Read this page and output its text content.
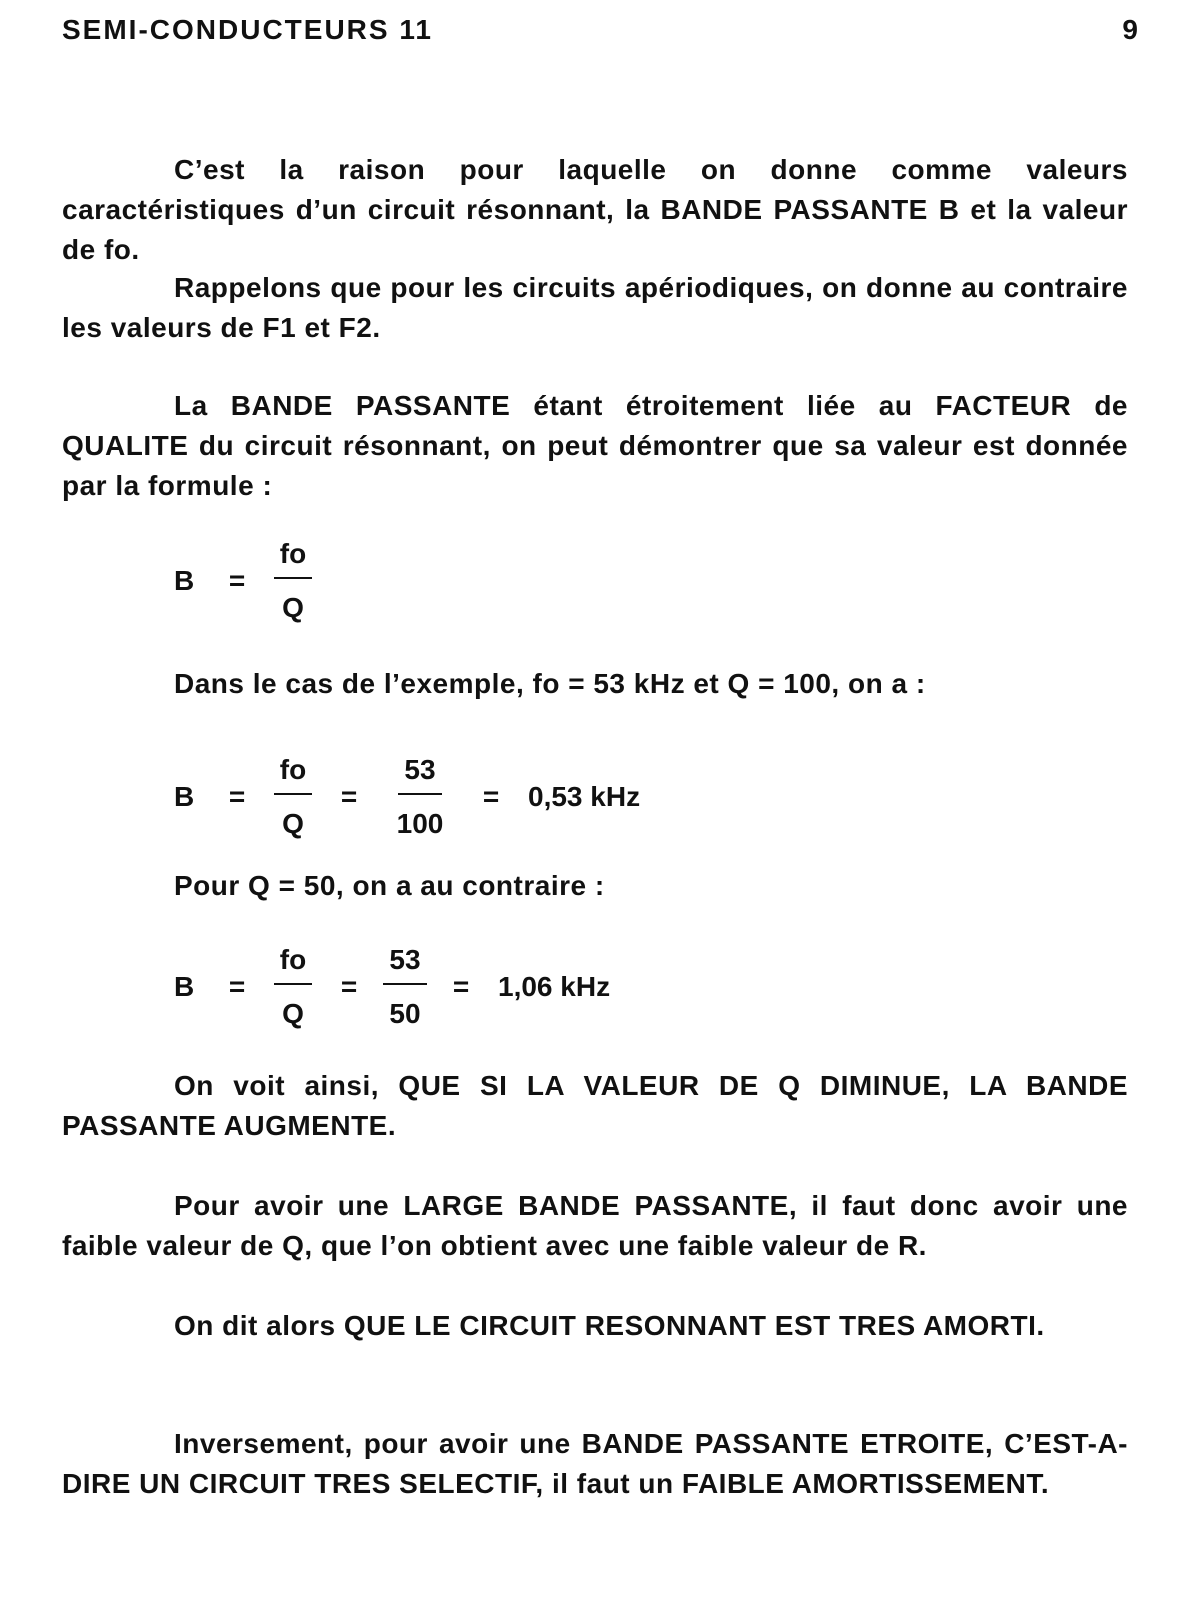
SEMI-CONDUCTEURS 11	9
C’est la raison pour laquelle on donne comme valeurs caractéristiques d’un circuit résonnant, la BANDE PASSANTE B et la valeur de fo.
Rappelons que pour les circuits apériodiques, on donne au contraire les valeurs de F1 et F2.
La BANDE PASSANTE étant étroitement liée au FACTEUR de QUALITE du circuit résonnant, on peut démontrer que sa valeur est donnée par la formule :
B	= $\frac{fo}{Q}$
Dans le cas de l’exemple, fo = 53 kHz et Q = 100, on a :
B	= $\frac{fo}{Q} = \frac{53}{100}$ =	0,53 kHz
Pour Q = 50, on a au contraire :
B	= $\frac{fo}{Q} = \frac{53}{50}$ =	1,06 kHz
On voit ainsi, QUE SI LA VALEUR DE Q DIMINUE, LA BANDE PASSANTE AUGMENTE.
Pour avoir une LARGE BANDE PASSANTE, il faut donc avoir une faible valeur de Q, que l’on obtient avec une faible valeur de R.
On dit alors QUE LE CIRCUIT RESONNANT EST TRES AMORTI.
Inversement, pour avoir une BANDE PASSANTE ETROITE, C’EST-A-DIRE UN CIRCUIT TRES SELECTIF, il faut un FAIBLE AMORTISSEMENT.
